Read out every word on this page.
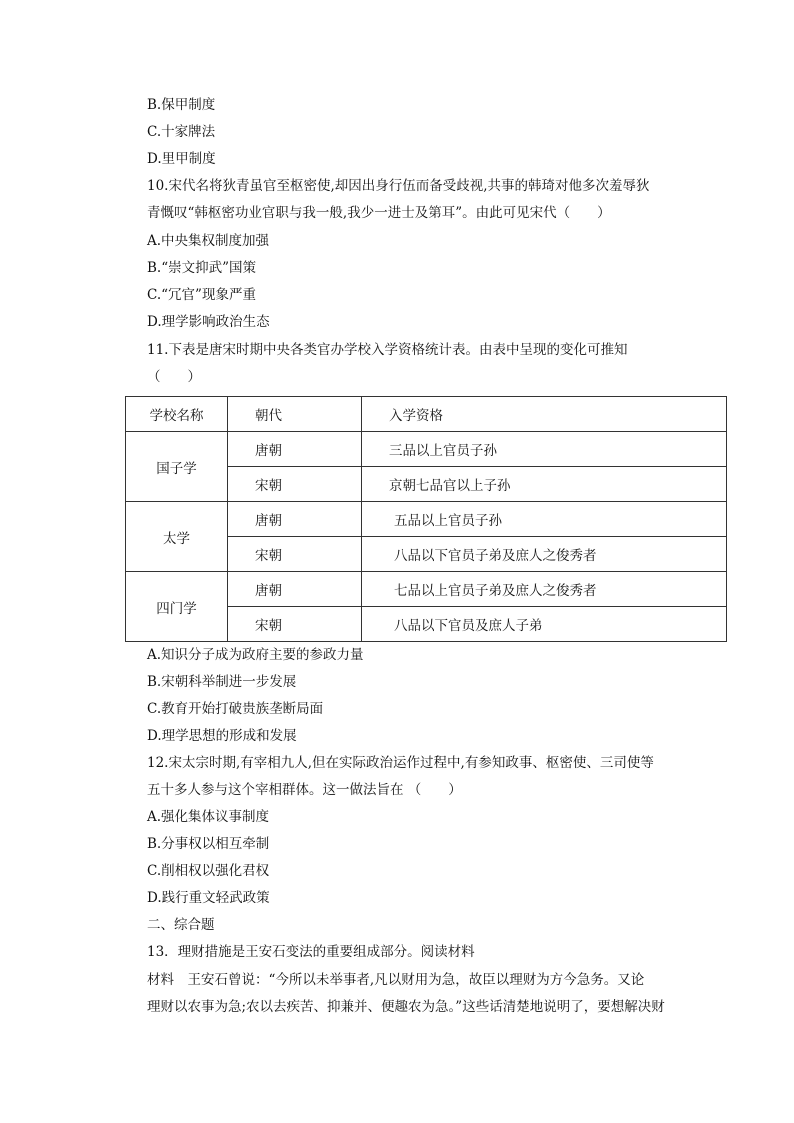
B.保甲制度
C.十家牌法
D.里甲制度
10.宋代名将狄青虽官至枢密使,却因出身行伍而备受歧视,共事的韩琦对他多次羞辱狄
青慨叹“韩枢密功业官职与我一般,我少一进士及第耳”。由此可见宋代（　　）
A.中央集权制度加强
B.“崇文抑武”国策
C.“冗官”现象严重
D.理学影响政治生态
11.下表是唐宋时期中央各类官办学校入学资格统计表。由表中呈现的变化可推知
（　　）
学校名称	朝代	入学资格
国子学	唐朝	三品以上官员子孙
	宋朝	京朝七品官以上子孙
太学	唐朝	五品以上官员子孙
	宋朝	八品以下官员子弟及庶人之俊秀者
四门学	唐朝	七品以上官员子弟及庶人之俊秀者
	宋朝	八品以下官员及庶人子弟
A.知识分子成为政府主要的参政力量
B.宋朝科举制进一步发展
C.教育开始打破贵族垄断局面
D.理学思想的形成和发展
12.宋太宗时期,有宰相九人,但在实际政治运作过程中,有参知政事、枢密使、三司使等
五十多人参与这个宰相群体。这一做法旨在 （　　）
A.强化集体议事制度
B.分事权以相互牵制
C.削相权以强化君权
D.践行重文轻武政策
二、综合题
13．理财措施是王安石变法的重要组成部分。阅读材料
材料　王安石曾说：“今所以未举事者,凡以财用为急，故臣以理财为方今急务。又论
理财以农事为急;农以去疾苦、抑兼并、便趣农为急。”这些话清楚地说明了，要想解决财
